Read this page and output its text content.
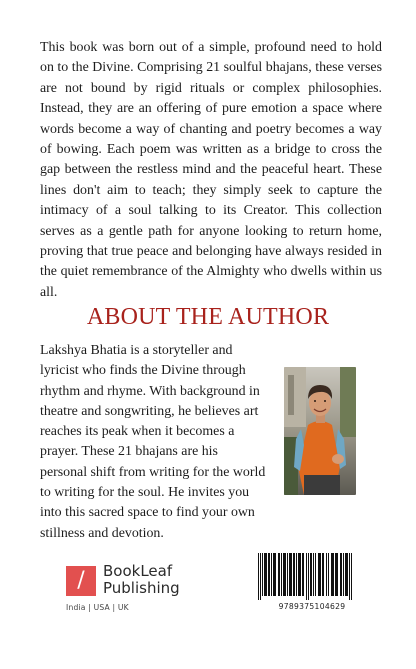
This book was born out of a simple, profound need to hold on to the Divine. Comprising 21 soulful bhajans, these verses are not bound by rigid rituals or complex philosophies. Instead, they are an offering of pure emotion a space where words become a way of chanting and poetry becomes a way of bowing. Each poem was written as a bridge to cross the gap between the restless mind and the peaceful heart. These lines don't aim to teach; they simply seek to capture the intimacy of a soul talking to its Creator. This collection serves as a gentle path for anyone looking to return home, proving that true peace and belonging have always resided in the quiet remembrance of the Almighty who dwells within us all.

ABOUT THE AUTHOR

Lakshya Bhatia is a storyteller and lyricist who finds the Divine through rhythm and rhyme. With background in theatre and songwriting, he believes art reaches its peak when it becomes a prayer. These 21 bhajans are his personal shift from writing for the world to writing for the soul. He invites you into this sacred space to find your own stillness and devotion.

/	BookLeaf
Publishing
India | USA | UK	9789375104629
